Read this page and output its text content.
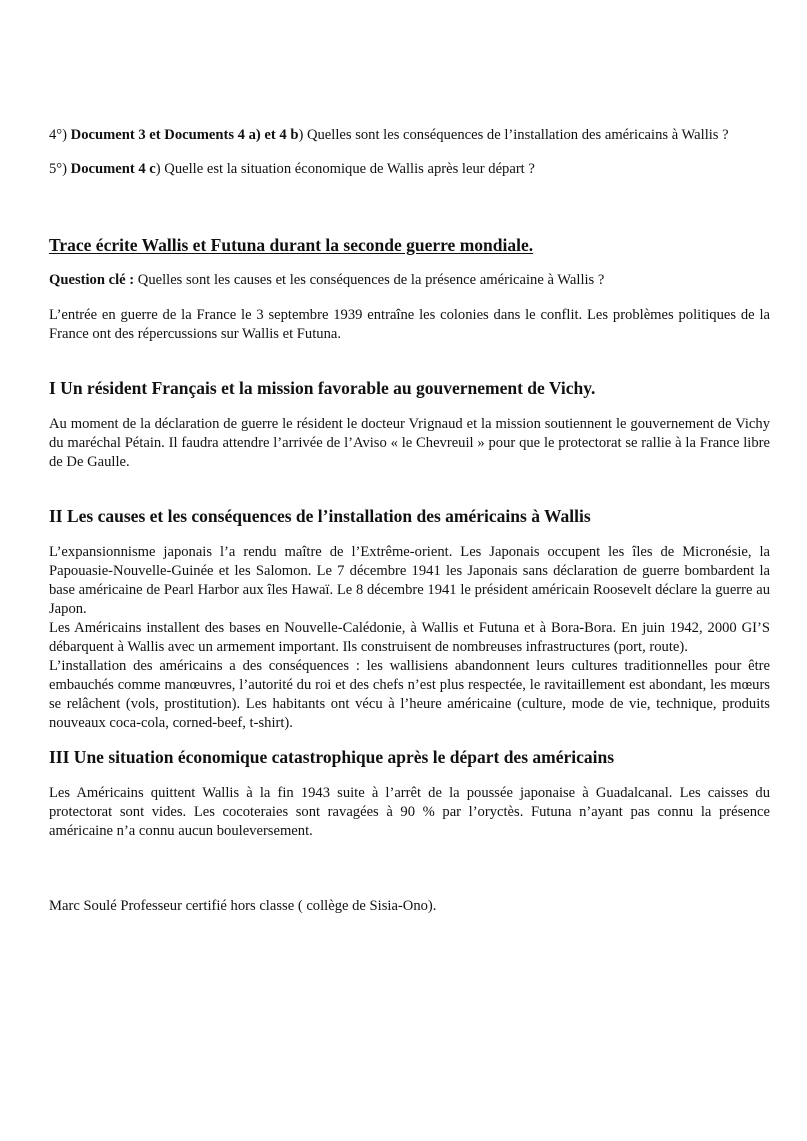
4°) Document 3 et Documents 4 a) et 4 b) Quelles sont les conséquences de l’installation des américains à Wallis ?

5°) Document 4 c) Quelle est la situation économique de Wallis après leur départ ?

Trace écrite Wallis et Futuna durant la seconde guerre mondiale.

Question clé : Quelles sont les causes et les conséquences de la présence américaine à Wallis ?

L’entrée en guerre de la France le 3 septembre 1939 entraîne les colonies dans le conflit. Les problèmes politiques de la France ont des répercussions sur Wallis et Futuna.

I Un résident Français et la mission favorable au gouvernement de Vichy.

Au moment de la déclaration de guerre le résident le docteur Vrignaud et la mission soutiennent le gouvernement de Vichy du maréchal Pétain. Il faudra attendre l’arrivée de l’Aviso « le Chevreuil » pour que le protectorat se rallie à la France libre de De Gaulle.

II Les causes et les conséquences de l’installation des américains à Wallis

L’expansionnisme japonais l’a rendu maître de l’Extrême-orient. Les Japonais occupent les îles de Micronésie, la Papouasie-Nouvelle-Guinée et les Salomon. Le 7 décembre 1941 les Japonais sans déclaration de guerre bombardent la base américaine de Pearl Harbor aux îles Hawaï. Le 8 décembre 1941 le président américain Roosevelt déclare la guerre au Japon.

Les Américains installent des bases en Nouvelle-Calédonie, à Wallis et Futuna et à Bora-Bora. En juin 1942, 2000 GI’S débarquent à Wallis avec un armement important. Ils construisent de nombreuses infrastructures (port, route).

L’installation des américains a des conséquences : les wallisiens abandonnent leurs cultures traditionnelles pour être embauchés comme manœuvres, l’autorité du roi et des chefs n’est plus respectée, le ravitaillement est abondant, les mœurs se relâchent (vols, prostitution). Les habitants ont vécu à l’heure américaine (culture, mode de vie, technique, produits nouveaux coca-cola, corned-beef, t-shirt).

III Une situation économique catastrophique après le départ des américains

Les Américains quittent Wallis à la fin 1943 suite à l’arrêt de la poussée japonaise à Guadalcanal. Les caisses du protectorat sont vides. Les cocoteraies sont ravagées à 90 % par l’oryctès. Futuna n’ayant pas connu la présence américaine n’a connu aucun bouleversement.

Marc Soulé Professeur certifié hors classe ( collège de Sisia-Ono).
